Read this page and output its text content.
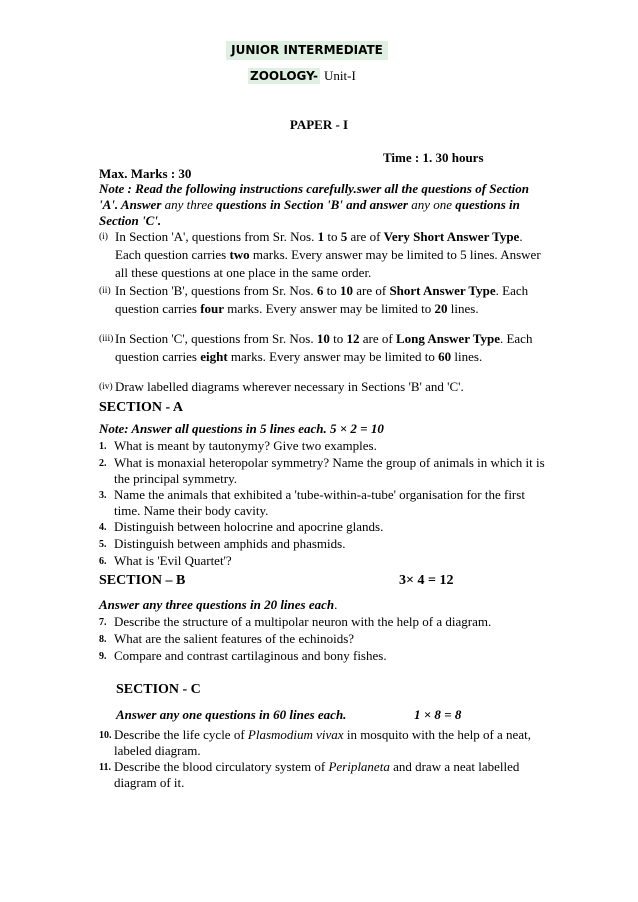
JUNIOR INTERMEDIATE
ZOOLOGY- Unit-I
PAPER - I
Time : 1. 30 hours
Max. Marks : 30
Note : Read the following instructions carefully.swer all the questions of Section 'A'. Answer any three questions in Section 'B' and answer any one questions in Section 'C'.
(i) In Section 'A', questions from Sr. Nos. 1 to 5 are of Very Short Answer Type. Each question carries two marks. Every answer may be limited to 5 lines. Answer all these questions at one place in the same order.
(ii) In Section 'B', questions from Sr. Nos. 6 to 10 are of Short Answer Type. Each question carries four marks. Every answer may be limited to 20 lines.
(iii) In Section 'C', questions from Sr. Nos. 10 to 12 are of Long Answer Type. Each question carries eight marks. Every answer may be limited to 60 lines.
(iv) Draw labelled diagrams wherever necessary in Sections 'B' and 'C'.
SECTION - A
Note: Answer all questions in 5 lines each. 5 × 2 = 10
1. What is meant by tautonymy? Give two examples.
2. What is monaxial heteropolar symmetry? Name the group of animals in which it is the principal symmetry.
3. Name the animals that exhibited a 'tube-within-a-tube' organisation for the first time. Name their body cavity.
4. Distinguish between holocrine and apocrine glands.
5. Distinguish between amphids and phasmids.
6. What is 'Evil Quartet'?
SECTION – B	3× 4 = 12
Answer any three questions in 20 lines each.
7. Describe the structure of a multipolar neuron with the help of a diagram.
8. What are the salient features of the echinoids?
9. Compare and contrast cartilaginous and bony fishes.
SECTION - C
Answer any one questions in 60 lines each.	1 × 8 = 8
10. Describe the life cycle of Plasmodium vivax in mosquito with the help of a neat, labeled diagram.
11. Describe the blood circulatory system of Periplaneta and draw a neat labelled diagram of it.
